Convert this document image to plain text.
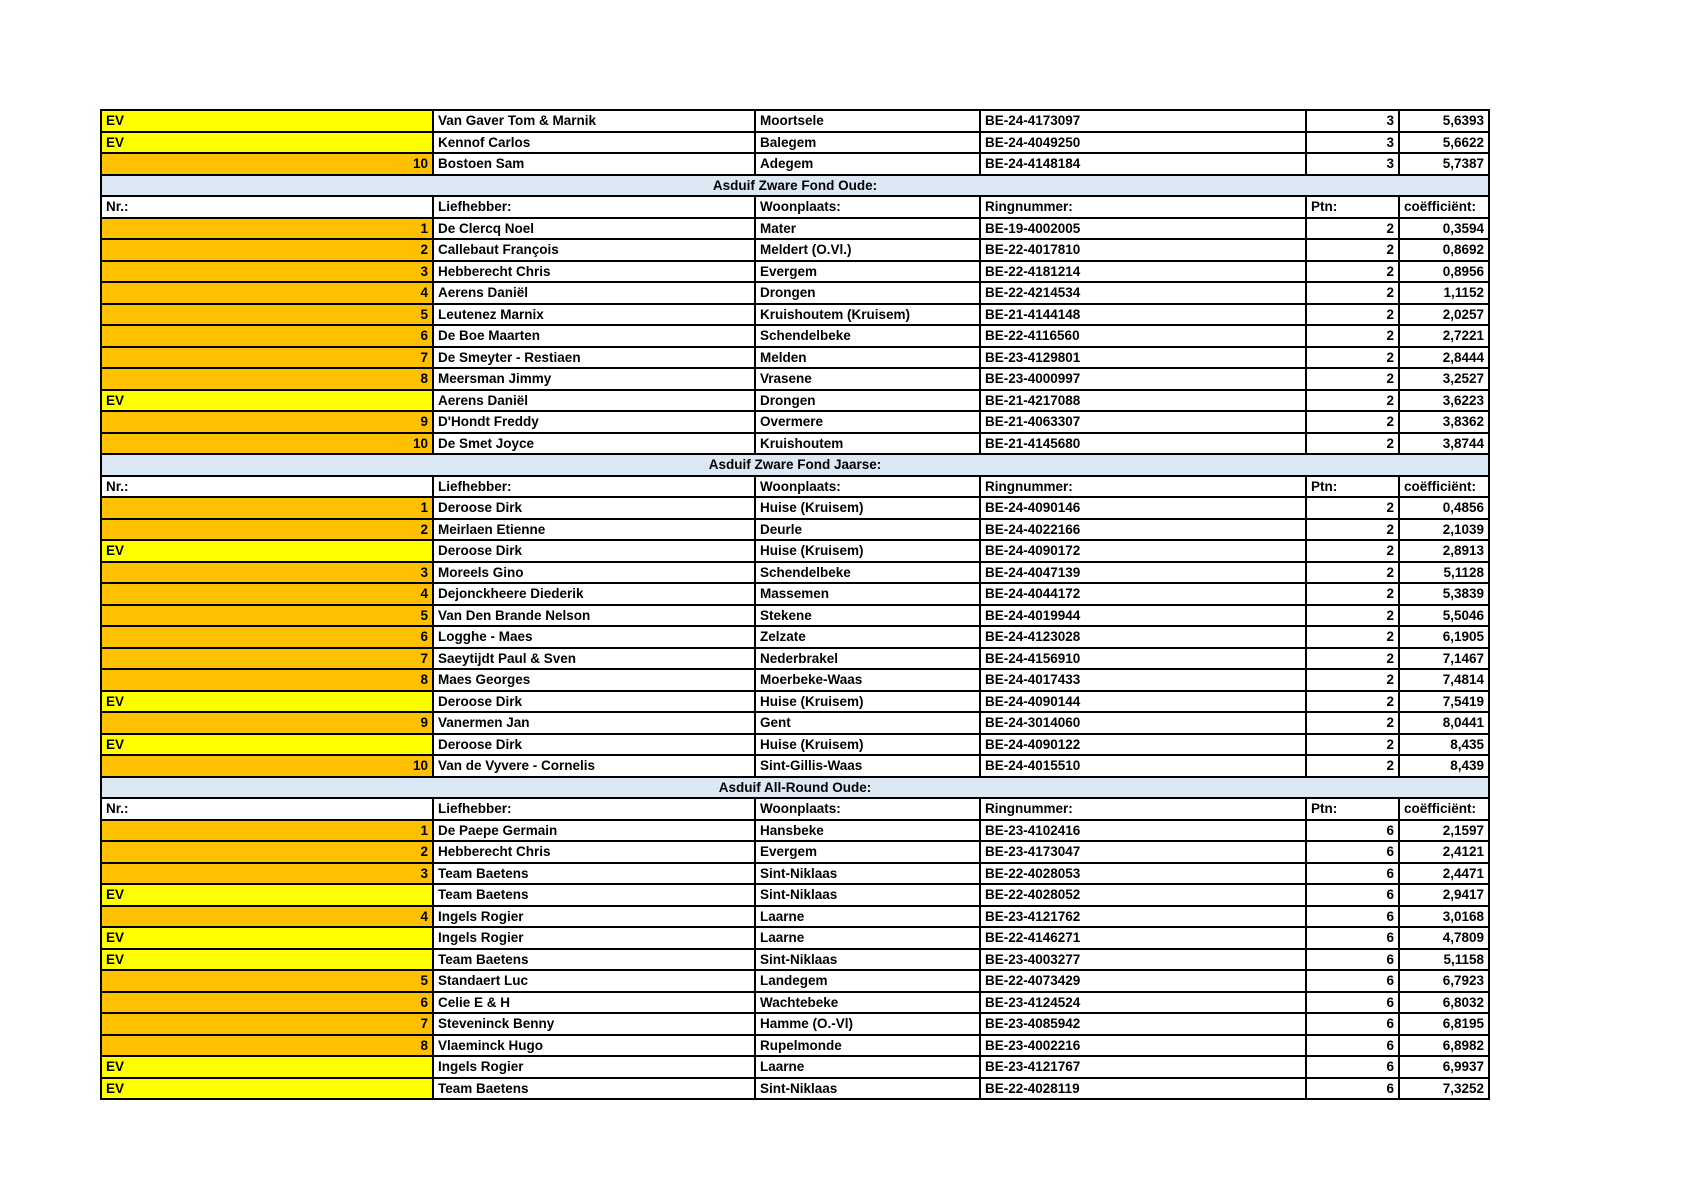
EV	Van Gaver Tom & Marnik	Moortsele	BE-24-4173097	3	5,6393
EV	Kennof Carlos	Balegem	BE-24-4049250	3	5,6622
10	Bostoen Sam	Adegem	BE-24-4148184	3	5,7387
Asduif Zware Fond Oude:					
Nr.:	Liefhebber:	Woonplaats:	Ringnummer:	Ptn:	coëfficiënt:
1	De Clercq Noel	Mater	BE-19-4002005	2	0,3594
2	Callebaut François	Meldert (O.Vl.)	BE-22-4017810	2	0,8692
3	Hebberecht Chris	Evergem	BE-22-4181214	2	0,8956
4	Aerens Daniël	Drongen	BE-22-4214534	2	1,1152
5	Leutenez Marnix	Kruishoutem (Kruisem)	BE-21-4144148	2	2,0257
6	De Boe Maarten	Schendelbeke	BE-22-4116560	2	2,7221
7	De Smeyter - Restiaen	Melden	BE-23-4129801	2	2,8444
8	Meersman Jimmy	Vrasene	BE-23-4000997	2	3,2527
EV	Aerens Daniël	Drongen	BE-21-4217088	2	3,6223
9	D'Hondt Freddy	Overmere	BE-21-4063307	2	3,8362
10	De Smet Joyce	Kruishoutem	BE-21-4145680	2	3,8744
Asduif Zware Fond Jaarse:					
Nr.:	Liefhebber:	Woonplaats:	Ringnummer:	Ptn:	coëfficiënt:
1	Deroose Dirk	Huise (Kruisem)	BE-24-4090146	2	0,4856
2	Meirlaen Etienne	Deurle	BE-24-4022166	2	2,1039
EV	Deroose Dirk	Huise (Kruisem)	BE-24-4090172	2	2,8913
3	Moreels Gino	Schendelbeke	BE-24-4047139	2	5,1128
4	Dejonckheere Diederik	Massemen	BE-24-4044172	2	5,3839
5	Van Den Brande Nelson	Stekene	BE-24-4019944	2	5,5046
6	Logghe - Maes	Zelzate	BE-24-4123028	2	6,1905
7	Saeytijdt Paul & Sven	Nederbrakel	BE-24-4156910	2	7,1467
8	Maes Georges	Moerbeke-Waas	BE-24-4017433	2	7,4814
EV	Deroose Dirk	Huise (Kruisem)	BE-24-4090144	2	7,5419
9	Vanermen Jan	Gent	BE-24-3014060	2	8,0441
EV	Deroose Dirk	Huise (Kruisem)	BE-24-4090122	2	8,435
10	Van de Vyvere - Cornelis	Sint-Gillis-Waas	BE-24-4015510	2	8,439
Asduif All-Round Oude:					
Nr.:	Liefhebber:	Woonplaats:	Ringnummer:	Ptn:	coëfficiënt:
1	De Paepe Germain	Hansbeke	BE-23-4102416	6	2,1597
2	Hebberecht Chris	Evergem	BE-23-4173047	6	2,4121
3	Team Baetens	Sint-Niklaas	BE-22-4028053	6	2,4471
EV	Team Baetens	Sint-Niklaas	BE-22-4028052	6	2,9417
4	Ingels Rogier	Laarne	BE-23-4121762	6	3,0168
EV	Ingels Rogier	Laarne	BE-22-4146271	6	4,7809
EV	Team Baetens	Sint-Niklaas	BE-23-4003277	6	5,1158
5	Standaert Luc	Landegem	BE-22-4073429	6	6,7923
6	Celie E & H	Wachtebeke	BE-23-4124524	6	6,8032
7	Steveninck Benny	Hamme (O.-Vl)	BE-23-4085942	6	6,8195
8	Vlaeminck Hugo	Rupelmonde	BE-23-4002216	6	6,8982
EV	Ingels Rogier	Laarne	BE-23-4121767	6	6,9937
EV	Team Baetens	Sint-Niklaas	BE-22-4028119	6	7,3252
